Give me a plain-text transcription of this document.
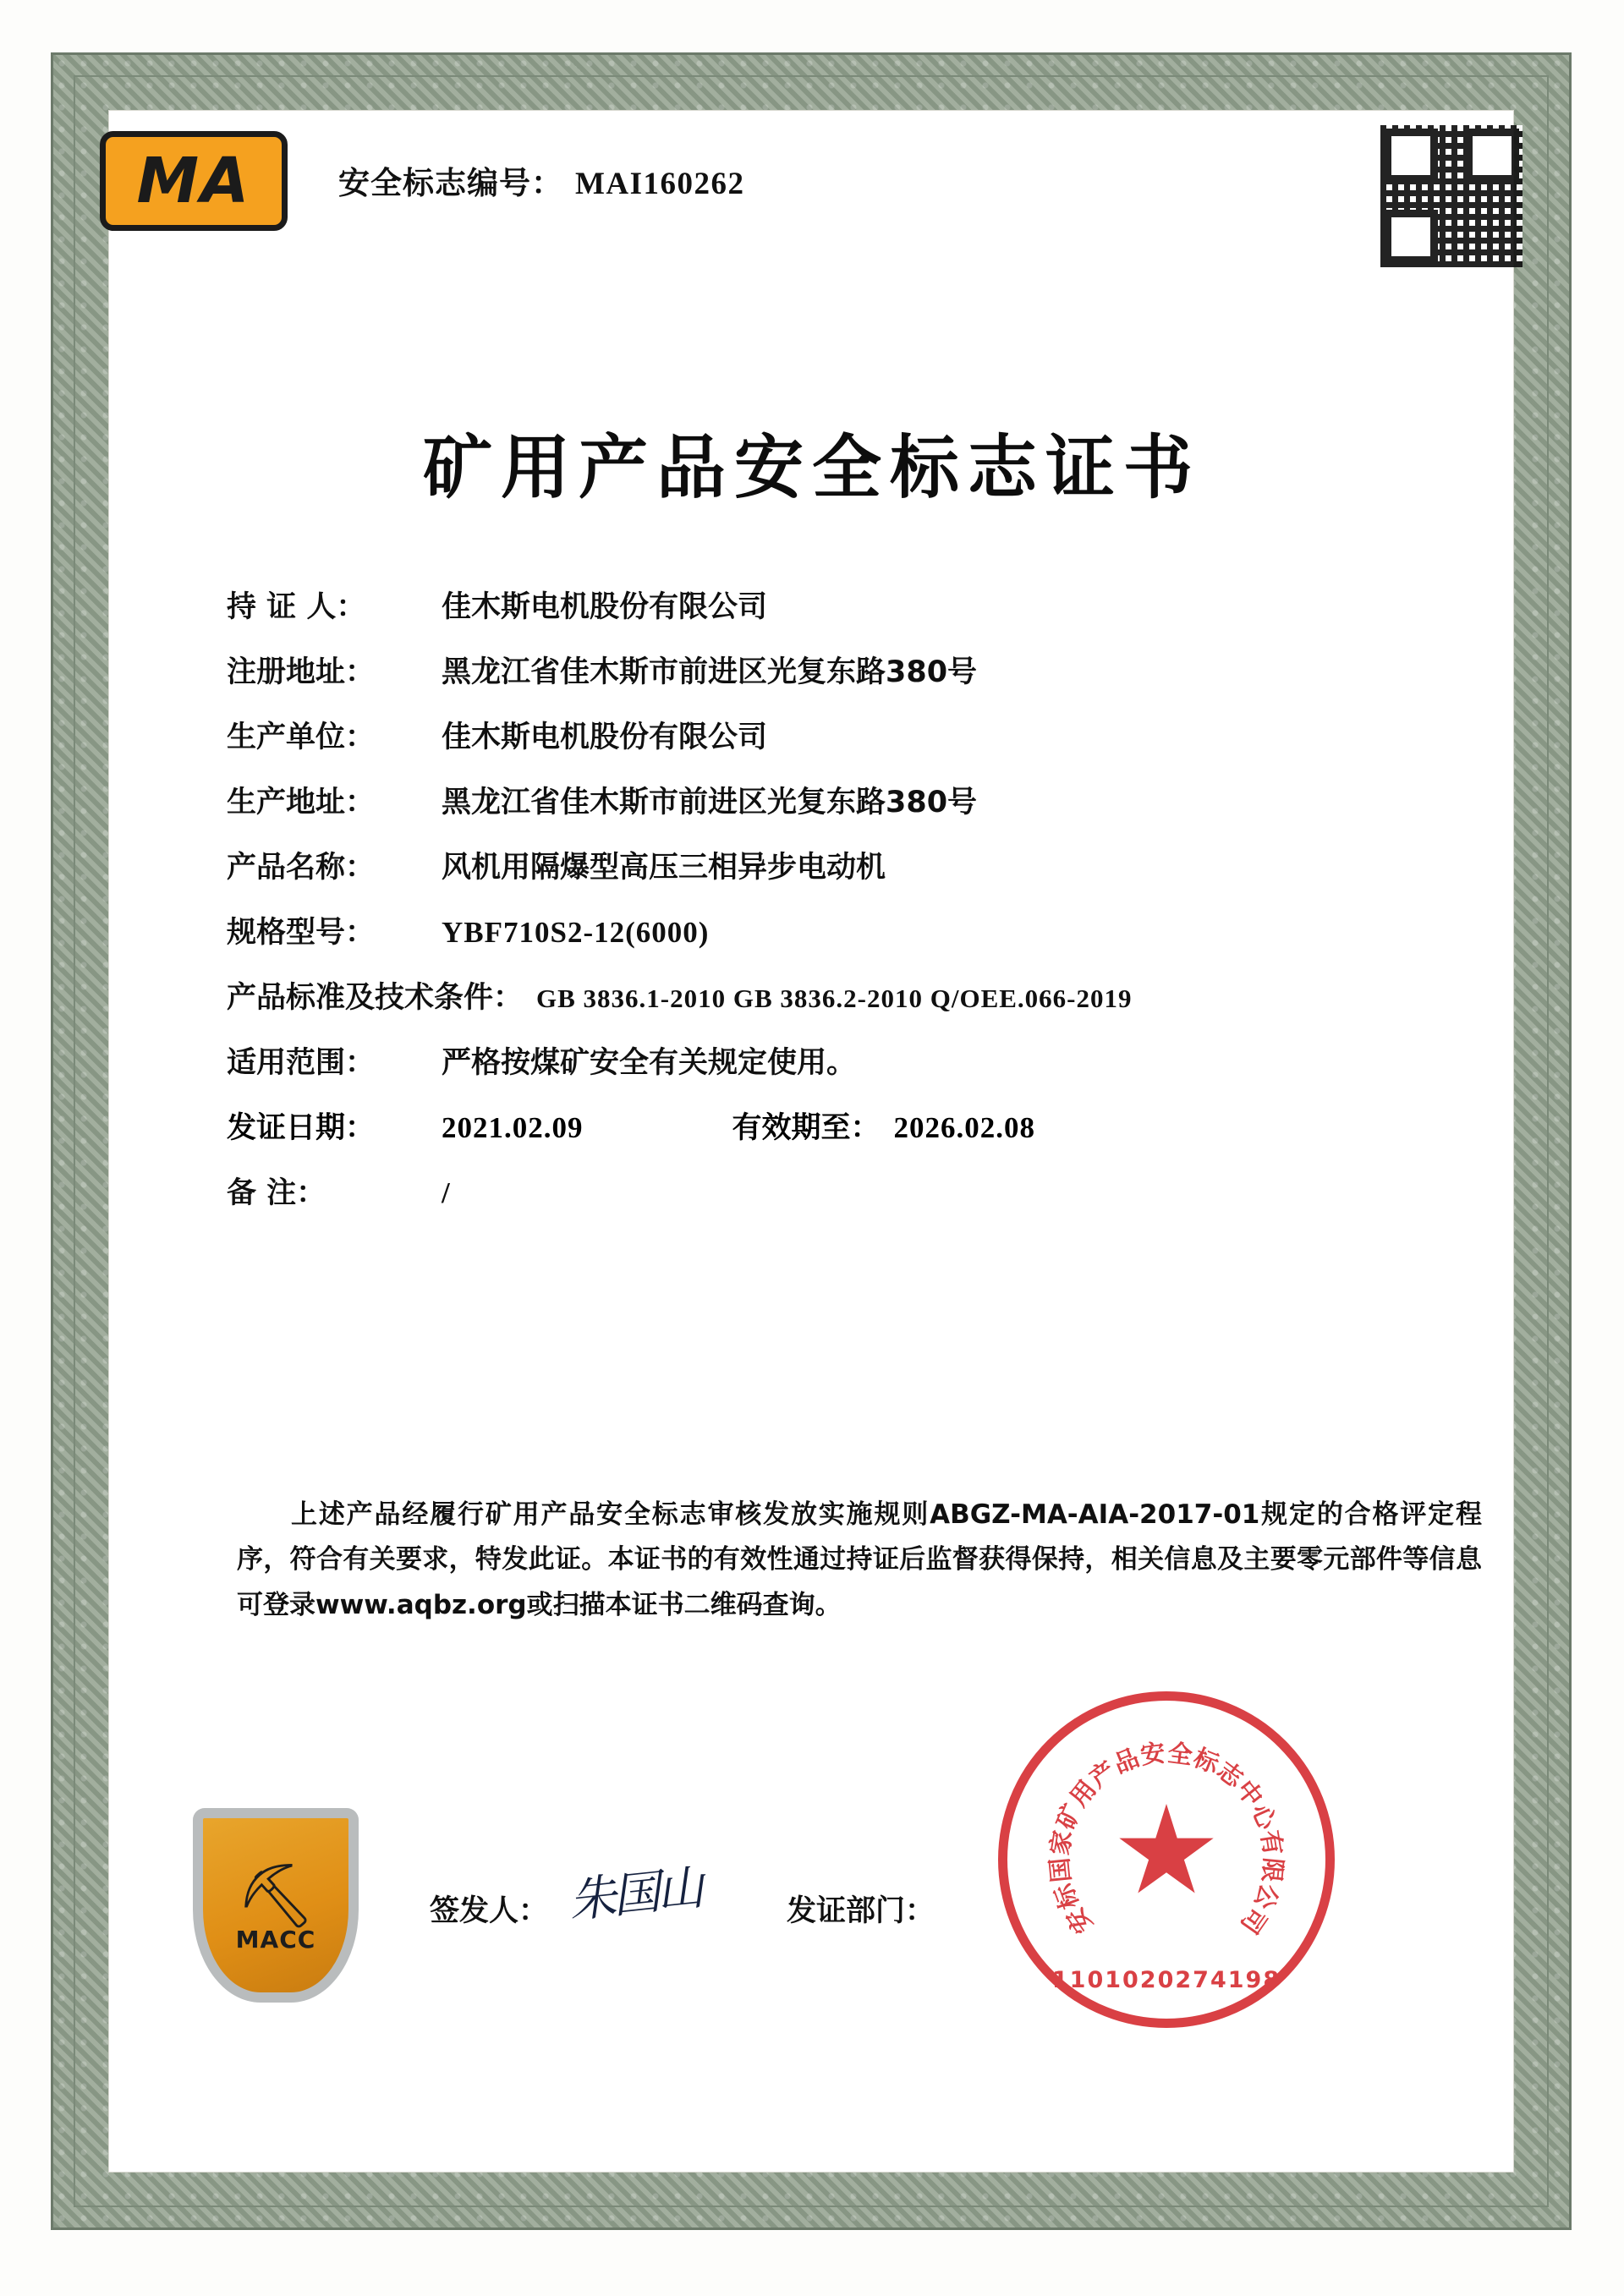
MA	安全标志编号： MAI160262
矿用产品安全标志证书
持 证 人：	佳木斯电机股份有限公司
注册地址：	黑龙江省佳木斯市前进区光复东路380号
生产单位：	佳木斯电机股份有限公司
生产地址：	黑龙江省佳木斯市前进区光复东路380号
产品名称：	风机用隔爆型高压三相异步电动机
规格型号：	YBF710S2-12(6000)
产品标准及技术条件： GB 3836.1-2010 GB 3836.2-2010 Q/OEE.066-2019
适用范围：	严格按煤矿安全有关规定使用。
发证日期：	2021.02.09	有效期至： 2026.02.08
备 注：	/
上述产品经履行矿用产品安全标志审核发放实施规则ABGZ-MA-AIA-2017-01规定的合格评定程序，符合有关要求，特发此证。本证书的有效性通过持证后监督获得保持，相关信息及主要零元部件等信息可登录www.aqbz.org或扫描本证书二维码查询。
⛏
MACC
签发人： 朱国山	发证部门：	安
标
国
家
矿
用
产
品
安 全
标
志
中
心
有
限
公
司
1101020274198
